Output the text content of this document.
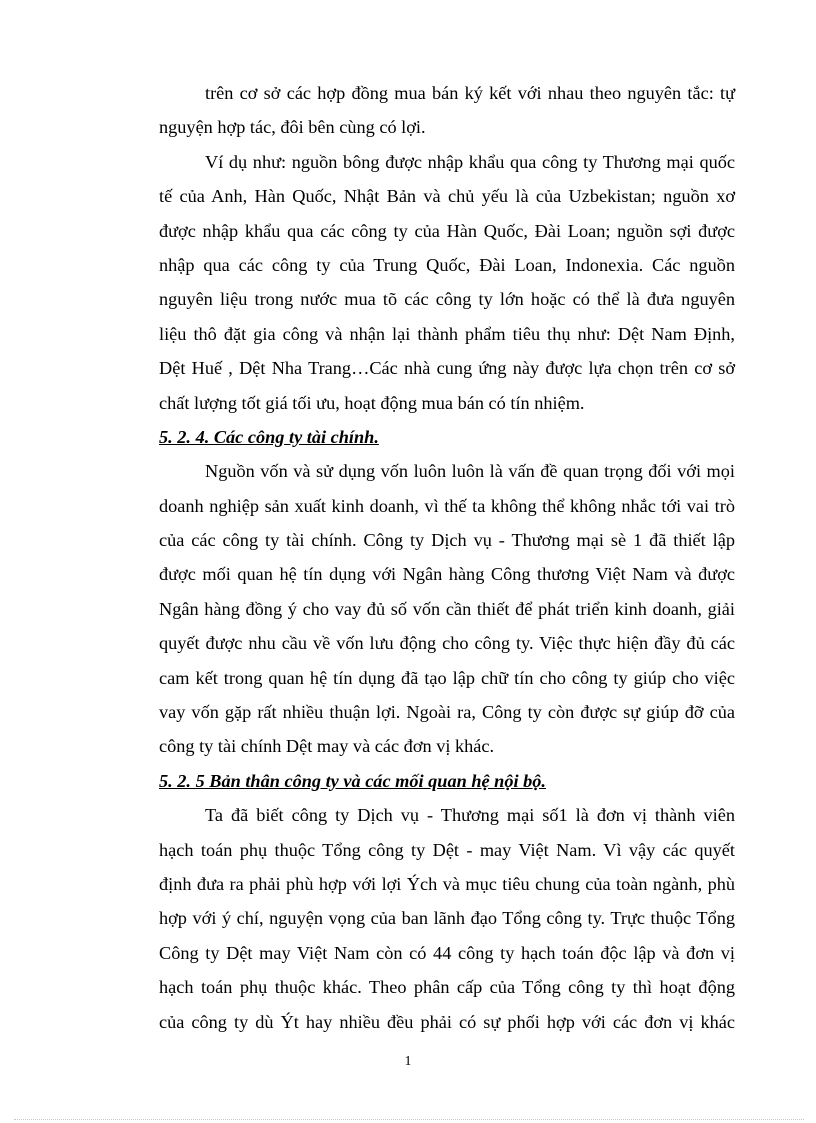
trên cơ sở các hợp đồng mua bán ký kết với nhau theo nguyên tắc: tự
nguyện hợp tác, đôi bên cùng có lợi.
Ví dụ như: nguồn bông được nhập khẩu qua công ty Thương mại quốc
tế của Anh, Hàn Quốc, Nhật Bản và chủ yếu là của Uzbekistan; nguồn xơ
được nhập khẩu qua các công ty của Hàn Quốc, Đài Loan; nguồn sợi được
nhập qua các công ty của Trung Quốc, Đài Loan, Indonexia. Các nguồn
nguyên liệu trong nước mua tõ các công ty lớn hoặc có thể là đưa nguyên
liệu thô đặt gia công và nhận lại thành phẩm tiêu thụ như: Dệt Nam Định,
Dệt Huế , Dệt Nha Trang…Các nhà cung ứng này được lựa chọn trên cơ sở
chất lượng tốt giá tối ưu, hoạt động mua bán có tín nhiệm.
5. 2. 4. Các công ty tài chính.
Nguồn vốn và sử dụng vốn luôn luôn là vấn đề quan trọng đối với mọi
doanh nghiệp sản xuất kinh doanh, vì thế ta không thể không nhắc tới vai trò
của các công ty tài chính. Công ty Dịch vụ - Thương mại sè 1 đã thiết lập
được mối quan hệ tín dụng với Ngân hàng Công thương Việt Nam và được
Ngân hàng đồng ý cho vay đủ số vốn cần thiết để phát triển kinh doanh, giải
quyết được nhu cầu về vốn lưu động cho công ty. Việc thực hiện đầy đủ các
cam kết trong quan hệ tín dụng đã tạo lập chữ tín cho công ty giúp cho việc
vay vốn gặp rất nhiều thuận lợi. Ngoài ra, Công ty còn được sự giúp đỡ của
công ty tài chính Dệt may và các đơn vị khác.
5. 2. 5 Bản thân công ty và các mối quan hệ nội bộ.
Ta đã biết công ty Dịch vụ - Thương mại số1 là đơn vị thành viên
hạch toán phụ thuộc Tổng công ty Dệt - may Việt Nam. Vì vậy các quyết
định đưa ra phải phù hợp với lợi Ých và mục tiêu chung của toàn ngành, phù
hợp với ý chí, nguyện vọng của ban lãnh đạo Tổng công ty. Trực thuộc Tổng
Công ty Dệt may Việt Nam còn có 44 công ty hạch toán độc lập và đơn vị
hạch toán phụ thuộc khác. Theo phân cấp của Tổng công ty thì hoạt động
của công ty dù Ýt hay nhiều đều phải có sự phối hợp với các đơn vị khác
1
